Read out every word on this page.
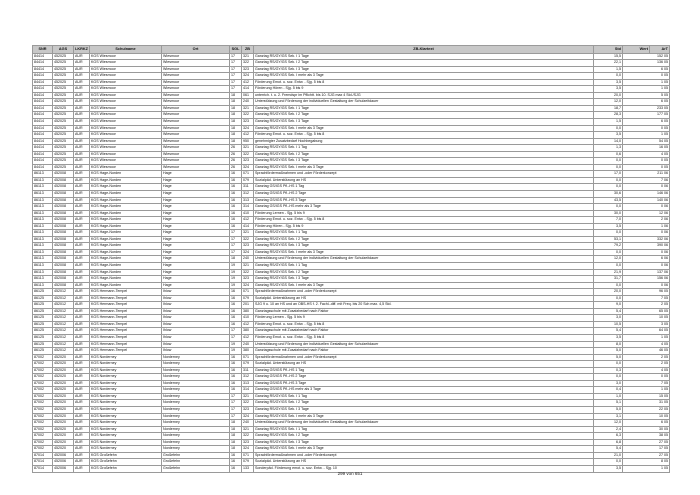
SNR	AGS	LKRKZ	Schulname	Ort	SGL	ZB	ZB-Klartext	Std	Wert	ArT
84414	452025	AUR	KGS Wiesmoor	Wiesmoor	17	321	Ganztag RS/GY/GS Sek. I 1 Tage	15,5	152 05	
84414	452025	AUR	KGS Wiesmoor	Wiesmoor	17	322	Ganztag RS/GY/GS Sek. I 2 Tage	22,1	136 05	
84414	452025	AUR	KGS Wiesmoor	Wiesmoor	17	323	Ganztag RS/GY/GS Sek. I 3 Tage	1,5	6 05	
84414	452025	AUR	KGS Wiesmoor	Wiesmoor	17	324	Ganztag RS/GY/GS Sek. I mehr als 3 Tage	0,0	0 05	
84414	452025	AUR	KGS Wiesmoor	Wiesmoor	17	412	Förderung Emot. u. soz. Entw. - Sjg. 5 bis 8	3,5	1 05	
84414	452025	AUR	KGS Wiesmoor	Wiesmoor	17	414	Förderung Hören - Sjg. 5 bis 9	3,5	1 05	
84414	452025	AUR	KGS Wiesmoor	Wiesmoor	18	061	unterrich. t. u. 2. Fremdspr im Pflichtt. bis 10. SJG max 4 Std./SJG	20,0	5 05	
84414	452025	AUR	KGS Wiesmoor	Wiesmoor	18	240	Unterstützung und Förderung der individuellen Gestaltung der Schulzeitdauer	12,0	6 05	
84414	452025	AUR	KGS Wiesmoor	Wiesmoor	18	321	Ganztag RS/GY/GS Sek. I 1 Tage	18,7	233 05	
84414	452025	AUR	KGS Wiesmoor	Wiesmoor	18	322	Ganztag RS/GY/GS Sek. I 2 Tage	28,3	177 05	
84414	452025	AUR	KGS Wiesmoor	Wiesmoor	18	323	Ganztag RS/GY/GS Sek. I 3 Tage	1,5	6 05	
84414	452025	AUR	KGS Wiesmoor	Wiesmoor	18	324	Ganztag RS/GY/GS Sek. I mehr als 3 Tage	0,0	0 05	
84414	452025	AUR	KGS Wiesmoor	Wiesmoor	18	412	Förderung Emot. u. soz. Entw. - Sjg. 5 bis 8	3,5	1 05	
84414	452025	AUR	KGS Wiesmoor	Wiesmoor	18	950	genehmigter Zusatzbedarf Hochbegabung	14,0	54 05	
84414	452025	AUR	KGS Wiesmoor	Wiesmoor	26	321	Ganztag RS/GY/GS Sek. I 1 Tag	1,3	16 05	
84414	452025	AUR	KGS Wiesmoor	Wiesmoor	26	322	Ganztag RS/GY/GS Sek. I 2 Tage	0,6	4 05	
84414	452025	AUR	KGS Wiesmoor	Wiesmoor	26	323	Ganztag RS/GY/GS Sek. I 3 Tage	0,0	0 05	
84414	452025	AUR	KGS Wiesmoor	Wiesmoor	26	324	Ganztag RS/GY/GS Sek. I mehr als 3 Tage	0,0	0 05	
86113	452008	AUR	KGS Hage-Norden	Hage	16	071	Sprachfördermaßnahmen und -oder Förderkonzept	17,0	211 06	
86113	452008	AUR	KGS Hage-Norden	Hage	16	079	Sozialpäd. Unterstützung an HS	0,0	7 06	
86113	452008	AUR	KGS Hage-Norden	Hage	16	311	Ganztag GS/IGS Pfl.-HS 1 Tag	0,0	0 06	
86113	452008	AUR	KGS Hage-Norden	Hage	16	312	Ganztag GS/IGS Pfl.-HS 2 Tage	30,6	146 06	
86113	452008	AUR	KGS Hage-Norden	Hage	16	313	Ganztag GS/IGS Pfl.-HS 3 Tage	43,5	140 06	
86113	452008	AUR	KGS Hage-Norden	Hage	16	314	Ganztag GS/IGS Pfl.-HS mehr als 3 Tage	0,0	0 06	
86113	452008	AUR	KGS Hage-Norden	Hage	16	410	Förderung Lernen - Sjg. 5 bis 9	30,0	12 06	
86113	452008	AUR	KGS Hage-Norden	Hage	16	412	Förderung Emot. u. soz. Entw. - Sjg. 5 bis 8	7,0	2 06	
86113	452008	AUR	KGS Hage-Norden	Hage	16	414	Förderung Hören - Sjg. 5 bis 9	3,5	1 06	
86113	452008	AUR	KGS Hage-Norden	Hage	17	321	Ganztag RS/GY/GS Sek. I 1 Tag	0,0	0 06	
86113	452008	AUR	KGS Hage-Norden	Hage	17	322	Ganztag RS/GY/GS Sek. I 2 Tage	53,1	332 06	
86113	452008	AUR	KGS Hage-Norden	Hage	17	323	Ganztag RS/GY/GS Sek. I 3 Tage	79,2	390 06	
86113	452008	AUR	KGS Hage-Norden	Hage	17	324	Ganztag RS/GY/GS Sek. I mehr als 3 Tage	0,0	0 06	
86113	452008	AUR	KGS Hage-Norden	Hage	18	240	Unterstützung und Förderung der individuellen Gestaltung der Schulzeitdauer	12,0	6 06	
86113	452008	AUR	KGS Hage-Norden	Hage	19	321	Ganztag RS/GY/GS Sek. I 1 Tag	0,0	0 06	
86113	452008	AUR	KGS Hage-Norden	Hage	19	322	Ganztag RS/GY/GS Sek. I 2 Tage	21,9	137 06	
86113	452008	AUR	KGS Hage-Norden	Hage	19	323	Ganztag RS/GY/GS Sek. I 3 Tage	31,7	156 06	
86113	452008	AUR	KGS Hage-Norden	Hage	19	324	Ganztag RS/GY/GS Sek. I mehr als 3 Tage	0,0	0 06	
86125	452012	AUR	KGS Hermann-Tempel	Ihlow	16	071	Sprachfördermaßnahmen und -oder Förderkonzept	20,0	96 05	
86125	452012	AUR	KGS Hermann-Tempel	Ihlow	16	079	Sozialpäd. Unterstützung an HS	0,0	7 05	
86125	452012	AUR	KGS Hermann-Tempel	Ihlow	16	201	SJG 9 u. 10 an HS und an OBS-HS f. 2. Fachl.-diff. mit Freq. bis 20 Sch max. 4,5 Std.	9,0	2 05	
86125	452012	AUR	KGS Hermann-Tempel	Ihlow	16	380	Ganztagsschule mit Zusatzbedarf nach Faktor	5,4	65 05	
86125	452012	AUR	KGS Hermann-Tempel	Ihlow	16	410	Förderung Lernen - Sjg. 5 bis 9	3,0	10 05	
86125	452012	AUR	KGS Hermann-Tempel	Ihlow	16	412	Förderung Emot. u. soz. Entw. - Sjg. 5 bis 8	10,5	3 05	
86125	452012	AUR	KGS Hermann-Tempel	Ihlow	17	380	Ganztagsschule mit Zusatzbedarf nach Faktor	5,4	64 05	
86125	452012	AUR	KGS Hermann-Tempel	Ihlow	17	412	Förderung Emot. u. soz. Entw. - Sjg. 5 bis 8	3,5	1 05	
86125	452012	AUR	KGS Hermann-Tempel	Ihlow	19	240	Unterstützung und Förderung der individuellen Gestaltung der Schulzeitdauer	8,0	4 05	
86125	452012	AUR	KGS Hermann-Tempel	Ihlow	19	380	Ganztagsschule mit Zusatzbedarf nach Faktor	5,0	46 05	
87002	452020	AUR	KGS Norderney	Norderney	16	071	Sprachfördermaßnahmen und -oder Förderkonzept	5,0	2 05	
87002	452020	AUR	KGS Norderney	Norderney	16	079	Sozialpäd. Unterstützung an HS	0,0	2 05	
87002	452020	AUR	KGS Norderney	Norderney	16	311	Ganztag GS/IGS Pfl.-HS 1 Tag	0,3	4 05	
87002	452020	AUR	KGS Norderney	Norderney	16	312	Ganztag GS/IGS Pfl.-HS 2 Tage	0,0	0 05	
87002	452020	AUR	KGS Norderney	Norderney	16	313	Ganztag GS/IGS Pfl.-HS 3 Tage	3,0	7 05	
87002	452020	AUR	KGS Norderney	Norderney	16	314	Ganztag GS/IGS Pfl.-HS mehr als 3 Tage	0,4	1 05	
87002	452020	AUR	KGS Norderney	Norderney	17	321	Ganztag RS/GY/GS Sek. I 1 Tag	1,0	15 05	
87002	452020	AUR	KGS Norderney	Norderney	17	322	Ganztag RS/GY/GS Sek. I 2 Tage	5,1	31 05	
87002	452020	AUR	KGS Norderney	Norderney	17	323	Ganztag RS/GY/GS Sek. I 3 Tage	5,0	22 05	
87002	452020	AUR	KGS Norderney	Norderney	17	324	Ganztag RS/GY/GS Sek. I mehr als 3 Tage	3,1	10 05	
87002	452020	AUR	KGS Norderney	Norderney	18	240	Unterstützung und Förderung der individuellen Gestaltung der Schulzeitdauer	12,0	6 05	
87002	452020	AUR	KGS Norderney	Norderney	18	321	Ganztag RS/GY/GS Sek. I 1 Tag	2,4	30 05	
87002	452020	AUR	KGS Norderney	Norderney	18	322	Ganztag RS/GY/GS Sek. I 2 Tage	6,3	38 05	
87002	452020	AUR	KGS Norderney	Norderney	18	323	Ganztag RS/GY/GS Sek. I 3 Tage	6,8	27 05	
87002	452020	AUR	KGS Norderney	Norderney	18	324	Ganztag RS/GY/GS Sek. I mehr als 3 Tage	5,4	17 05	
87014	452006	AUR	KGS Großefehn	Großefehn	16	071	Sprachfördermaßnahmen und -oder Förderkonzept	21,0	27 05	
87014	452006	AUR	KGS Großefehn	Großefehn	16	079	Sozialpäd. Unterstützung an HS	0,0	8 05	
87014	452006	AUR	KGS Großefehn	Großefehn	16	133	Sonderpäd. Förderung emot. u. soz. Entw. - Sjg. 10	3,5	1 05	
299 von 651
